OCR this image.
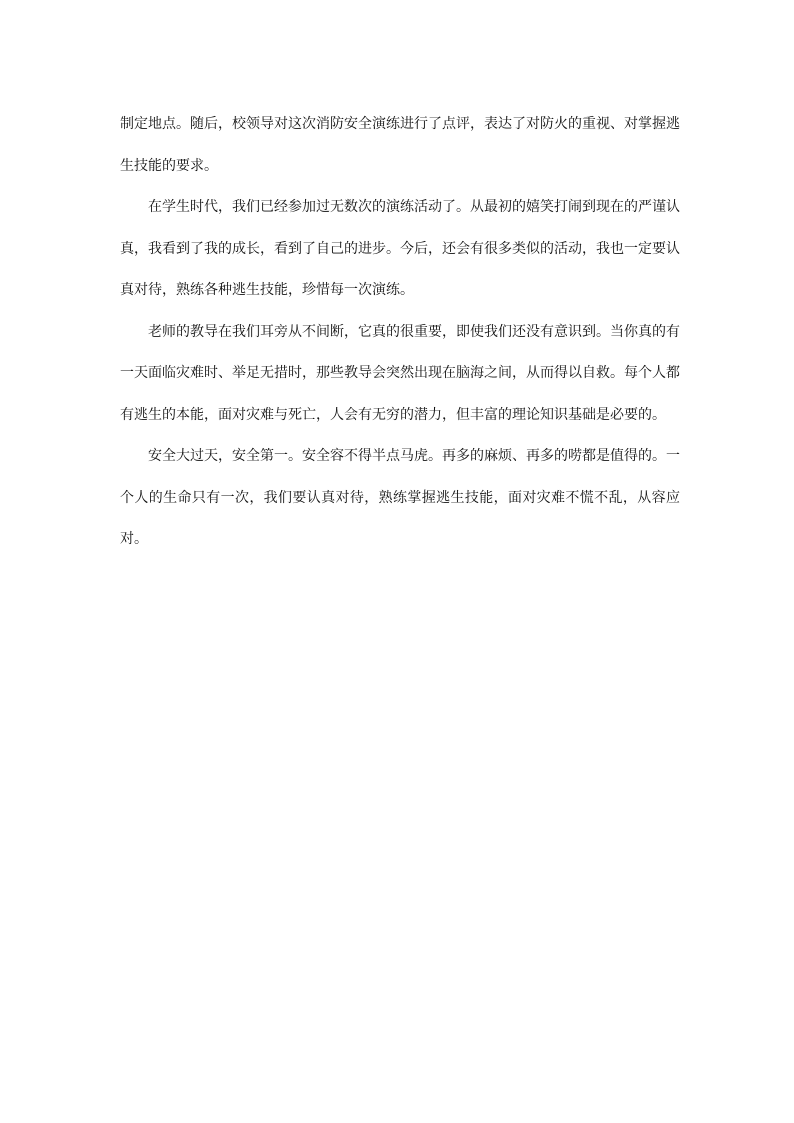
制定地点。随后，校领导对这次消防安全演练进行了点评，表达了对防火的重视、对掌握逃生技能的要求。

在学生时代，我们已经参加过无数次的演练活动了。从最初的嬉笑打闹到现在的严谨认真，我看到了我的成长，看到了自己的进步。今后，还会有很多类似的活动，我也一定要认真对待，熟练各种逃生技能，珍惜每一次演练。

老师的教导在我们耳旁从不间断，它真的很重要，即使我们还没有意识到。当你真的有一天面临灾难时、举足无措时，那些教导会突然出现在脑海之间，从而得以自救。每个人都有逃生的本能，面对灾难与死亡，人会有无穷的潜力，但丰富的理论知识基础是必要的。

安全大过天，安全第一。安全容不得半点马虎。再多的麻烦、再多的唠都是值得的。一个人的生命只有一次，我们要认真对待，熟练掌握逃生技能，面对灾难不慌不乱，从容应对。
